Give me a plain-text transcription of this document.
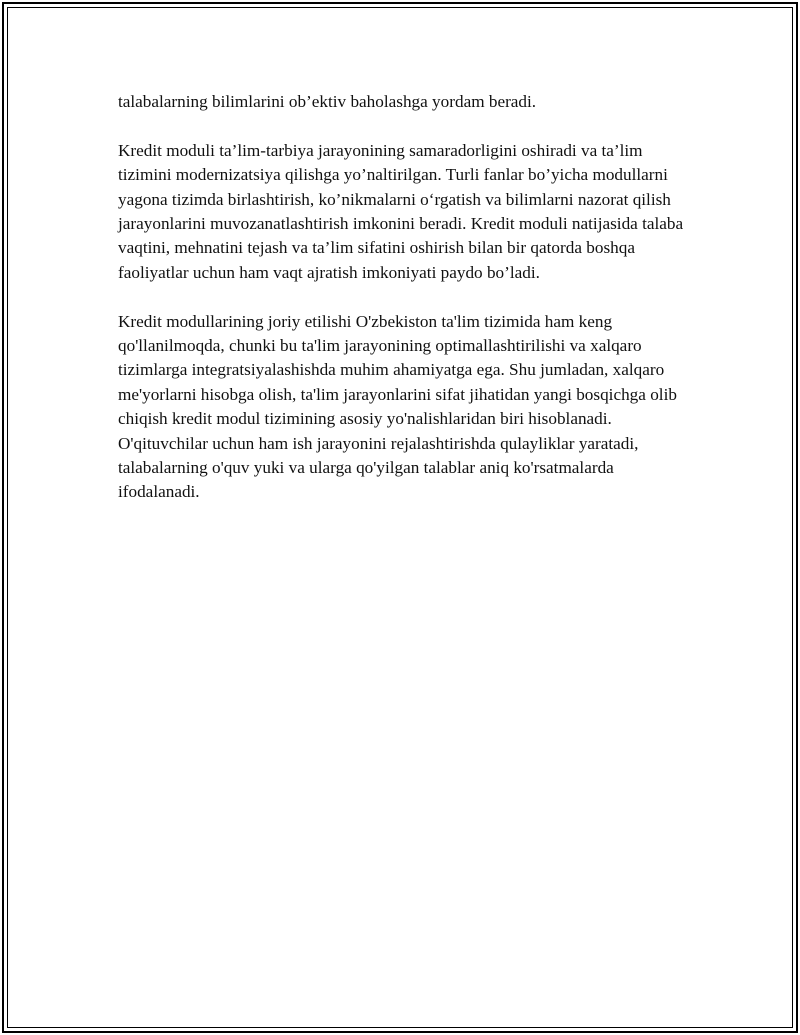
talabalarning bilimlarini ob’ektiv baholashga yordam beradi.

Kredit moduli ta’lim-tarbiya jarayonining samaradorligini oshiradi va ta’lim tizimini modernizatsiya qilishga yo’naltirilgan. Turli fanlar bo’yicha modullarni yagona tizimda birlashtirish, ko’nikmalarni o‘rgatish va bilimlarni nazorat qilish jarayonlarini muvozanatlashtirish imkonini beradi. Kredit moduli natijasida talaba vaqtini, mehnatini tejash va ta’lim sifatini oshirish bilan bir qatorda boshqa faoliyatlar uchun ham vaqt ajratish imkoniyati paydo bo’ladi.

Kredit modullarining joriy etilishi O'zbekiston ta'lim tizimida ham keng qo'llanilmoqda, chunki bu ta'lim jarayonining optimallashtirilishi va xalqaro tizimlarga integratsiyalashishda muhim ahamiyatga ega. Shu jumladan, xalqaro me'yorlarni hisobga olish, ta'lim jarayonlarini sifat jihatidan yangi bosqichga olib chiqish kredit modul tizimining asosiy yo'nalishlaridan biri hisoblanadi. O'qituvchilar uchun ham ish jarayonini rejalashtirishda qulayliklar yaratadi, talabalarning o'quv yuki va ularga qo'yilgan talablar aniq ko'rsatmalarda ifodalanadi.
